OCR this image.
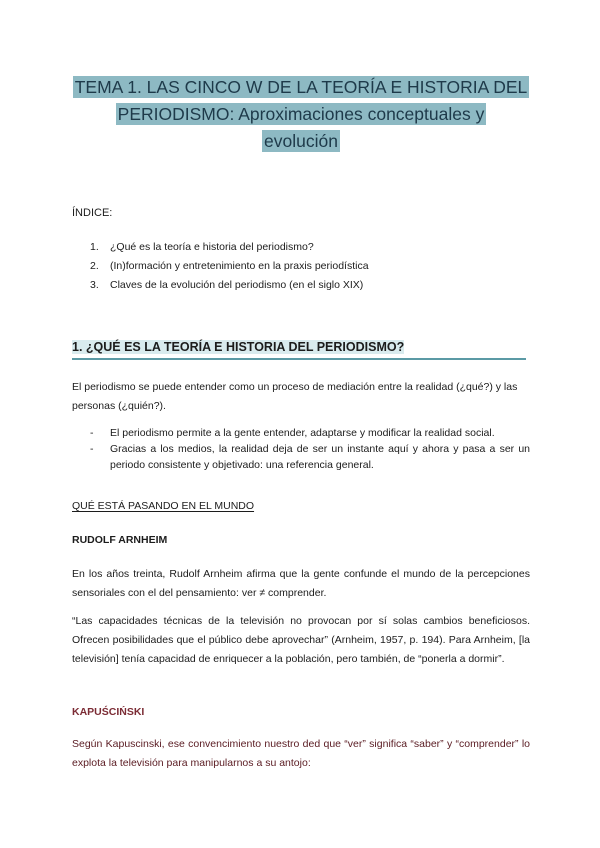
TEMA 1. LAS CINCO W DE LA TEORÍA E HISTORIA DEL
PERIODISMO: Aproximaciones conceptuales y
evolución
ÍNDICE:
1. ¿Qué es la teoría e historia del periodismo?
2. (In)formación y entretenimiento en la praxis periodística
3. Claves de la evolución del periodismo (en el siglo XIX)
1. ¿QUÉ ES LA TEORÍA E HISTORIA DEL PERIODISMO?

El periodismo se puede entender como un proceso de mediación entre la realidad (¿qué?) y las personas (¿quién?).

- El periodismo permite a la gente entender, adaptarse y modificar la realidad social.
- Gracias a los medios, la realidad deja de ser un instante aquí y ahora y pasa a ser un periodo consistente y objetivado: una referencia general.
QUÉ ESTÁ PASANDO EN EL MUNDO
RUDOLF ARNHEIM

En los años treinta, Rudolf Arnheim afirma que la gente confunde el mundo de la percepciones sensoriales con el del pensamiento: ver ≠ comprender.

“Las capacidades técnicas de la televisión no provocan por sí solas cambios beneficiosos. Ofrecen posibilidades que el público debe aprovechar” (Arnheim, 1957, p. 194). Para Arnheim, [la televisión] tenía capacidad de enriquecer a la población, pero también, de “ponerla a dormir”.

KAPUŚCIŃSKI

Según Kapuscinski, ese convencimiento nuestro ded que “ver” significa “saber” y “comprender” lo explota la televisión para manipularnos a su antojo:
